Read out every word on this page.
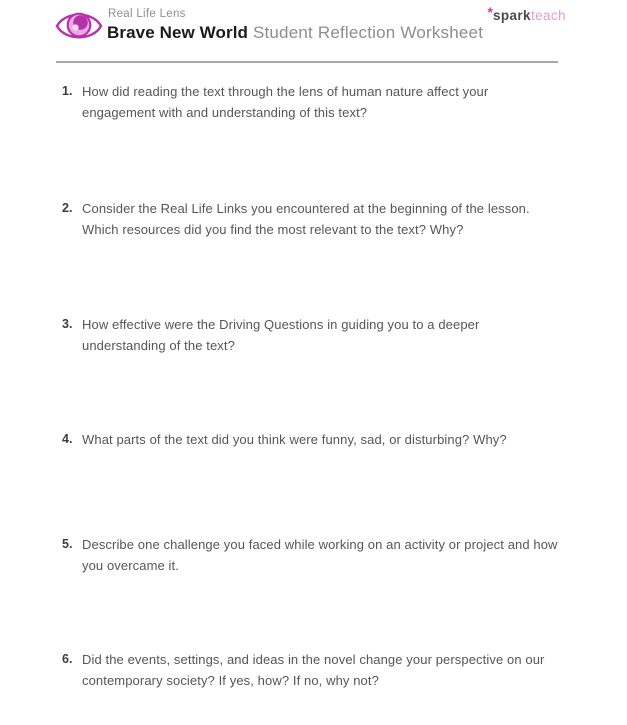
Real Life Lens
Brave New World Student Reflection Worksheet
*sparkteach
1. How did reading the text through the lens of human nature affect your engagement with and understanding of this text?
2. Consider the Real Life Links you encountered at the beginning of the lesson. Which resources did you find the most relevant to the text? Why?
3. How effective were the Driving Questions in guiding you to a deeper understanding of the text?
4. What parts of the text did you think were funny, sad, or disturbing? Why?
5. Describe one challenge you faced while working on an activity or project and how you overcame it.
6. Did the events, settings, and ideas in the novel change your perspective on our contemporary society? If yes, how? If no, why not?
